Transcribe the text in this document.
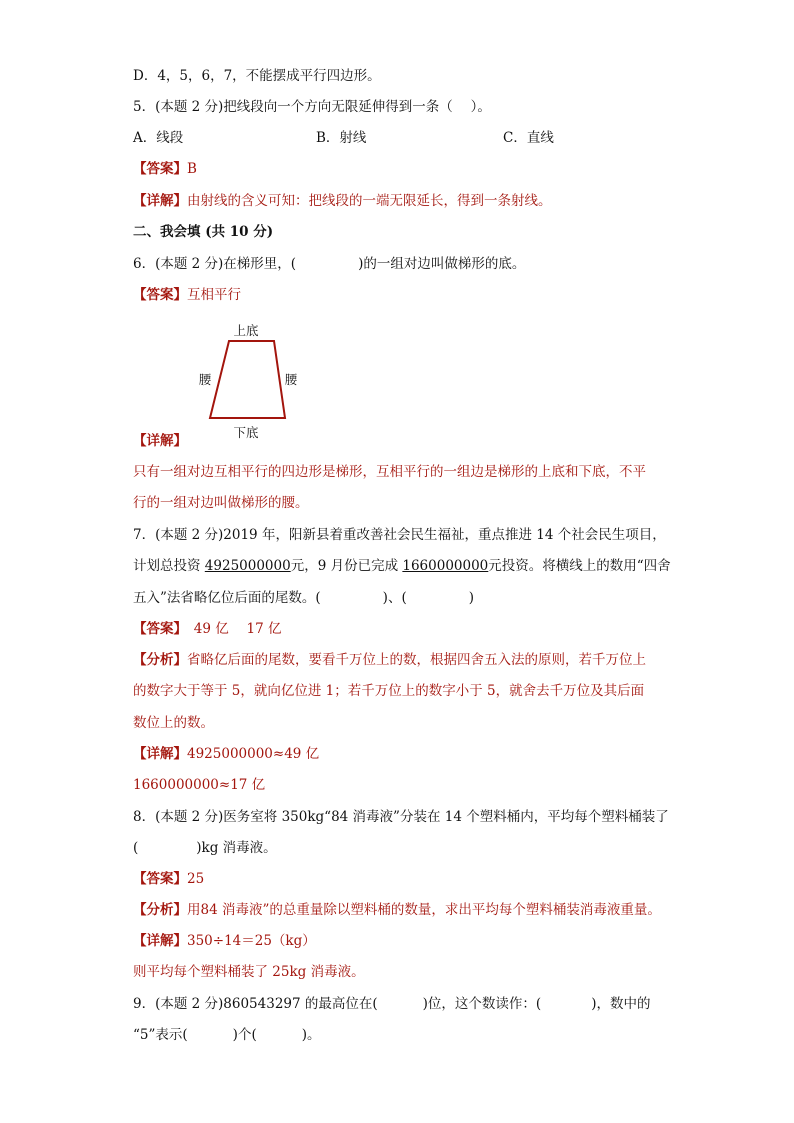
D．4，5，6，7，不能摆成平行四边形。
5．(本题 2 分)把线段向一个方向无限延伸得到一条（　 ）。
A．线段	B．射线	C．直线
【答案】B
【详解】由射线的含义可知：把线段的一端无限延长，得到一条射线。
二、我会填 (共 10 分)
6．(本题 2 分)在梯形里，(	)的一组对边叫做梯形的底。
【答案】互相平行
上底
腰	腰
下底
【详解】
只有一组对边互相平行的四边形是梯形，互相平行的一组边是梯形的上底和下底，不平
行的一组对边叫做梯形的腰。
7．(本题 2 分)2019 年，阳新县着重改善社会民生福祉，重点推进 14 个社会民生项目，
计划总投资 4925000000元，9 月份已完成 1660000000元投资。将横线上的数用“四舍
五入”法省略亿位后面的尾数。(	)、(	)
【答案】　49 亿　 17 亿
【分析】省略亿后面的尾数，要看千万位上的数，根据四舍五入法的原则，若千万位上
的数字大于等于 5，就向亿位进 1；若千万位上的数字小于 5，就舍去千万位及其后面
数位上的数。
【详解】4925000000≈49 亿
1660000000≈17 亿
8．(本题 2 分)医务室将 350kg“84 消毒液”分装在 14 个塑料桶内，平均每个塑料桶装了
(	)kg 消毒液。
【答案】25
【分析】用84 消毒液”的总重量除以塑料桶的数量，求出平均每个塑料桶装消毒液重量。
【详解】350÷14＝25（kg）
则平均每个塑料桶装了 25kg 消毒液。
9．(本题 2 分)860543297 的最高位在(	)位，这个数读作：(	)，数中的
“5”表示(	)个(	)。
